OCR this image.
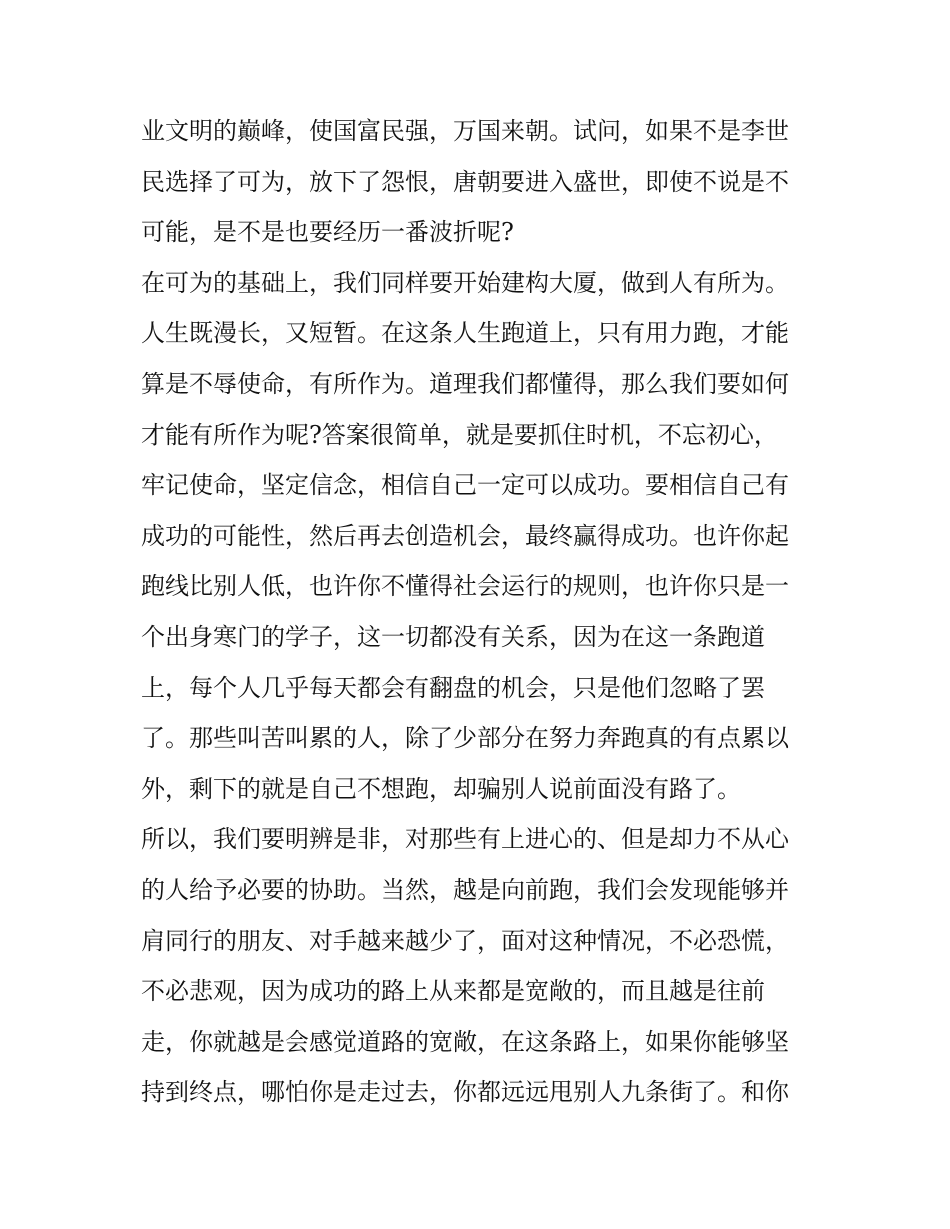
业文明的巅峰，使国富民强，万国来朝。试问，如果不是李世
民选择了可为，放下了怨恨，唐朝要进入盛世，即使不说是不
可能，是不是也要经历一番波折呢?
在可为的基础上，我们同样要开始建构大厦，做到人有所为。
人生既漫长，又短暂。在这条人生跑道上，只有用力跑，才能
算是不辱使命，有所作为。道理我们都懂得，那么我们要如何
才能有所作为呢?答案很简单，就是要抓住时机，不忘初心，
牢记使命，坚定信念，相信自己一定可以成功。要相信自己有
成功的可能性，然后再去创造机会，最终赢得成功。也许你起
跑线比别人低，也许你不懂得社会运行的规则，也许你只是一
个出身寒门的学子，这一切都没有关系，因为在这一条跑道
上，每个人几乎每天都会有翻盘的机会，只是他们忽略了罢
了。那些叫苦叫累的人，除了少部分在努力奔跑真的有点累以
外，剩下的就是自己不想跑，却骗别人说前面没有路了。
所以，我们要明辨是非，对那些有上进心的、但是却力不从心
的人给予必要的协助。当然，越是向前跑，我们会发现能够并
肩同行的朋友、对手越来越少了，面对这种情况，不必恐慌，
不必悲观，因为成功的路上从来都是宽敞的，而且越是往前
走，你就越是会感觉道路的宽敞，在这条路上，如果你能够坚
持到终点，哪怕你是走过去，你都远远甩别人九条街了。和你
